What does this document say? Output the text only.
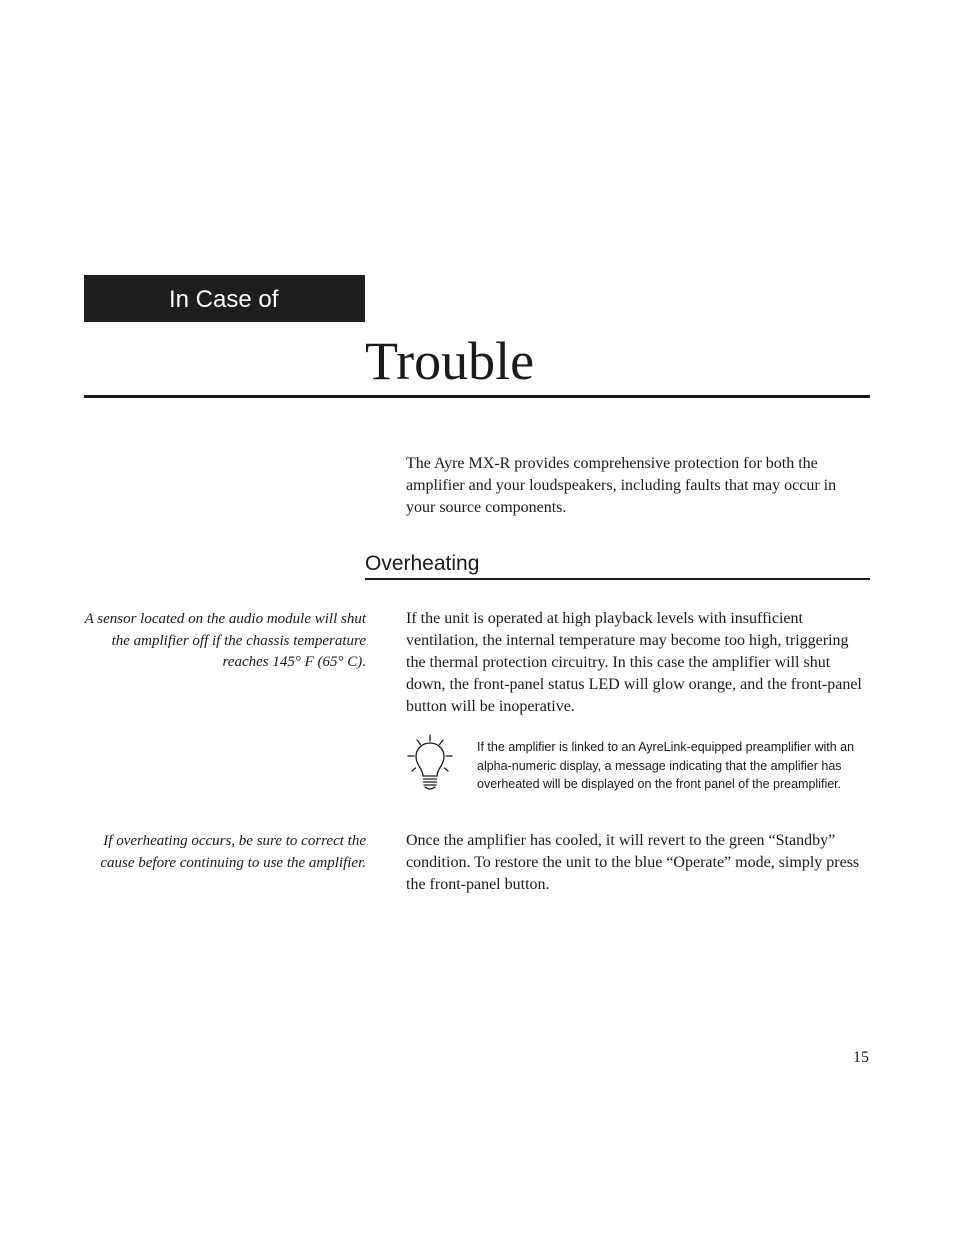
In Case of
Trouble

The Ayre MX-R provides comprehensive protection for both the amplifier and your loudspeakers, including faults that may occur in your source components.

Overheating

A sensor located on the audio module will shut the amplifier off if the chassis temperature reaches 145° F (65° C).

If the unit is operated at high playback levels with insufficient ventilation, the internal temperature may become too high, triggering the thermal protection circuitry. In this case the amplifier will shut down, the front-panel status LED will glow orange, and the front-panel button will be inoperative.

If the amplifier is linked to an AyreLink-equipped preamplifier with an alpha-numeric display, a message indicating that the amplifier has overheated will be displayed on the front panel of the preamplifier.

If overheating occurs, be sure to correct the cause before continuing to use the amplifier.

Once the amplifier has cooled, it will revert to the green “Standby” condition. To restore the unit to the blue “Operate” mode, simply press the front-panel button.

15
